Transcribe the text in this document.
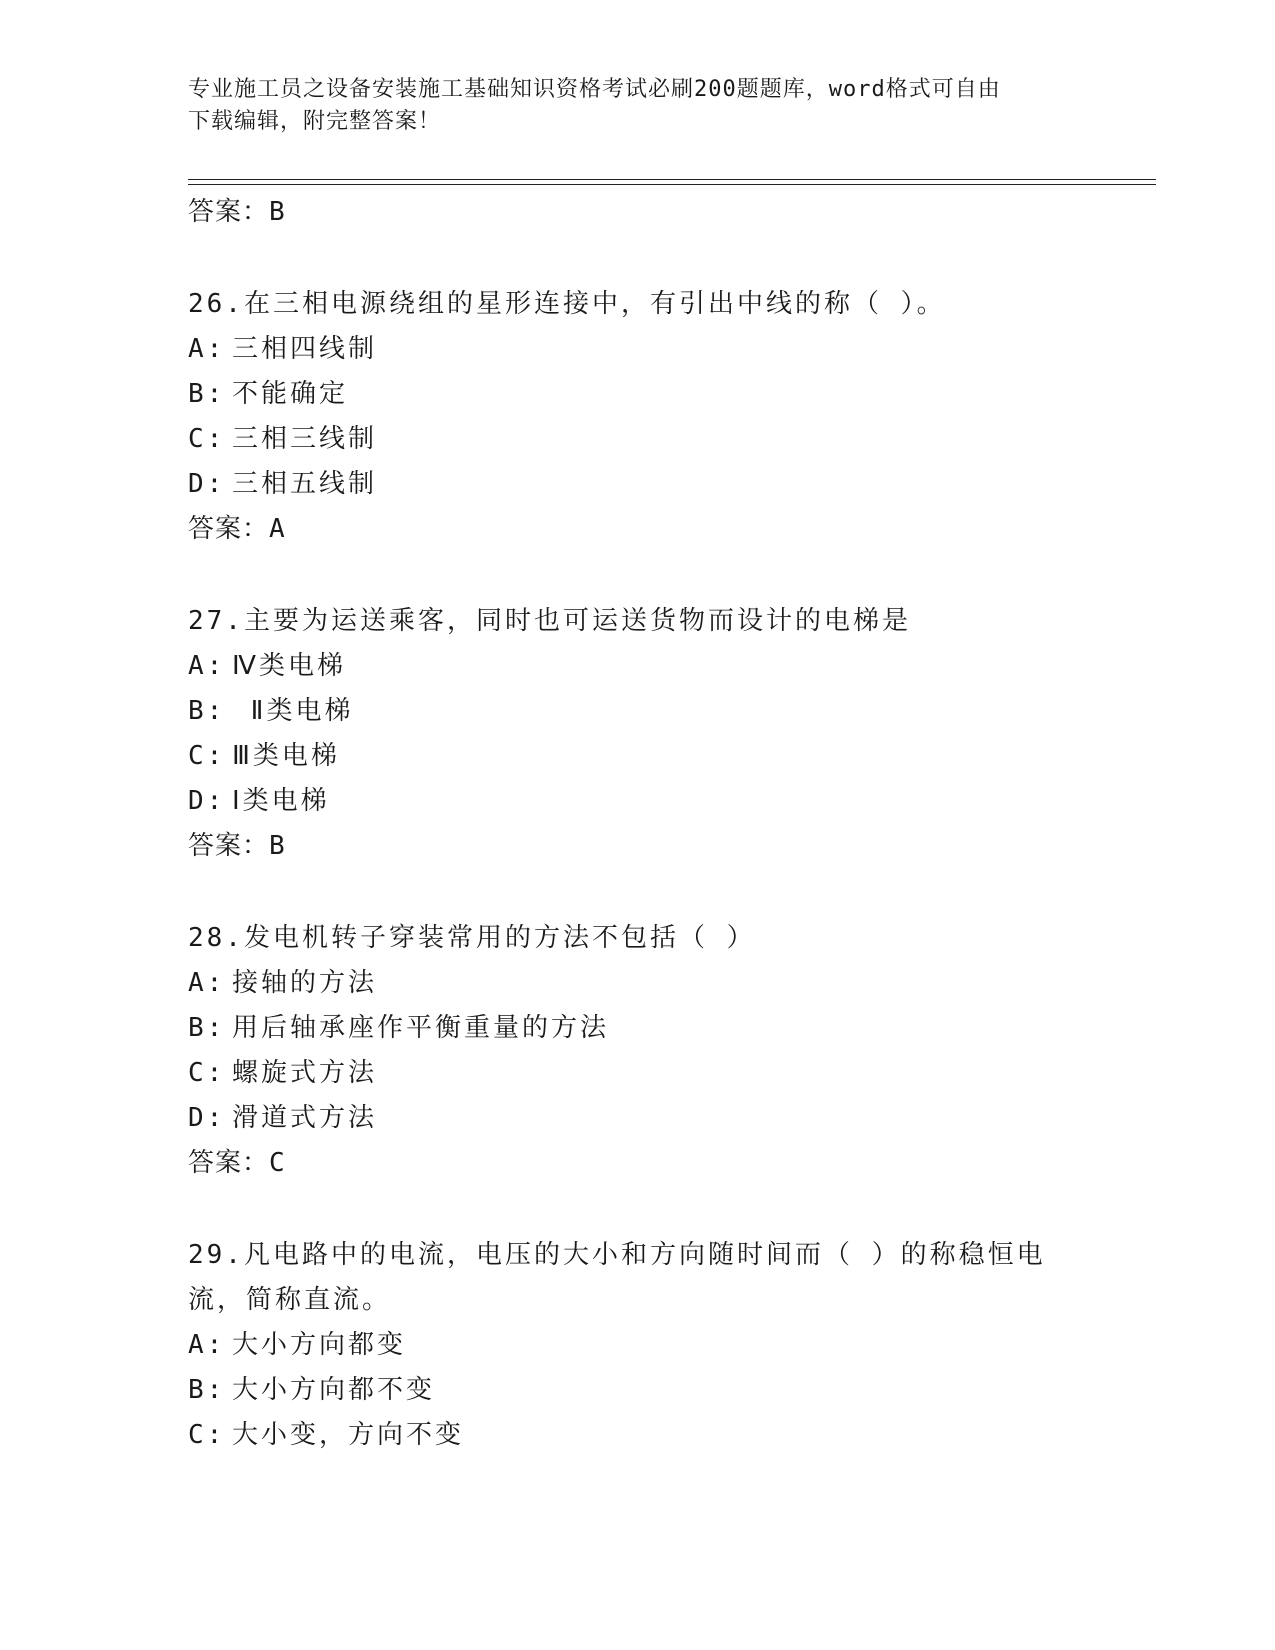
专业施工员之设备安装施工基础知识资格考试必刷200题题库，word格式可自由
下载编辑，附完整答案！
答案：B
26.在三相电源绕组的星形连接中，有引出中线的称（ ）。
A: 三相四线制
B: 不能确定
C: 三相三线制
D: 三相五线制
答案：A
27.主要为运送乘客，同时也可运送货物而设计的电梯是
A: Ⅳ类电梯
B: Ⅱ类电梯
C: Ⅲ类电梯
D: Ⅰ类电梯
答案：B
28.发电机转子穿装常用的方法不包括（ ）
A: 接轴的方法
B: 用后轴承座作平衡重量的方法
C: 螺旋式方法
D: 滑道式方法
答案：C
29.凡电路中的电流，电压的大小和方向随时间而（ ）的称稳恒电流，简称直流。
A: 大小方向都变
B: 大小方向都不变
C: 大小变，方向不变
